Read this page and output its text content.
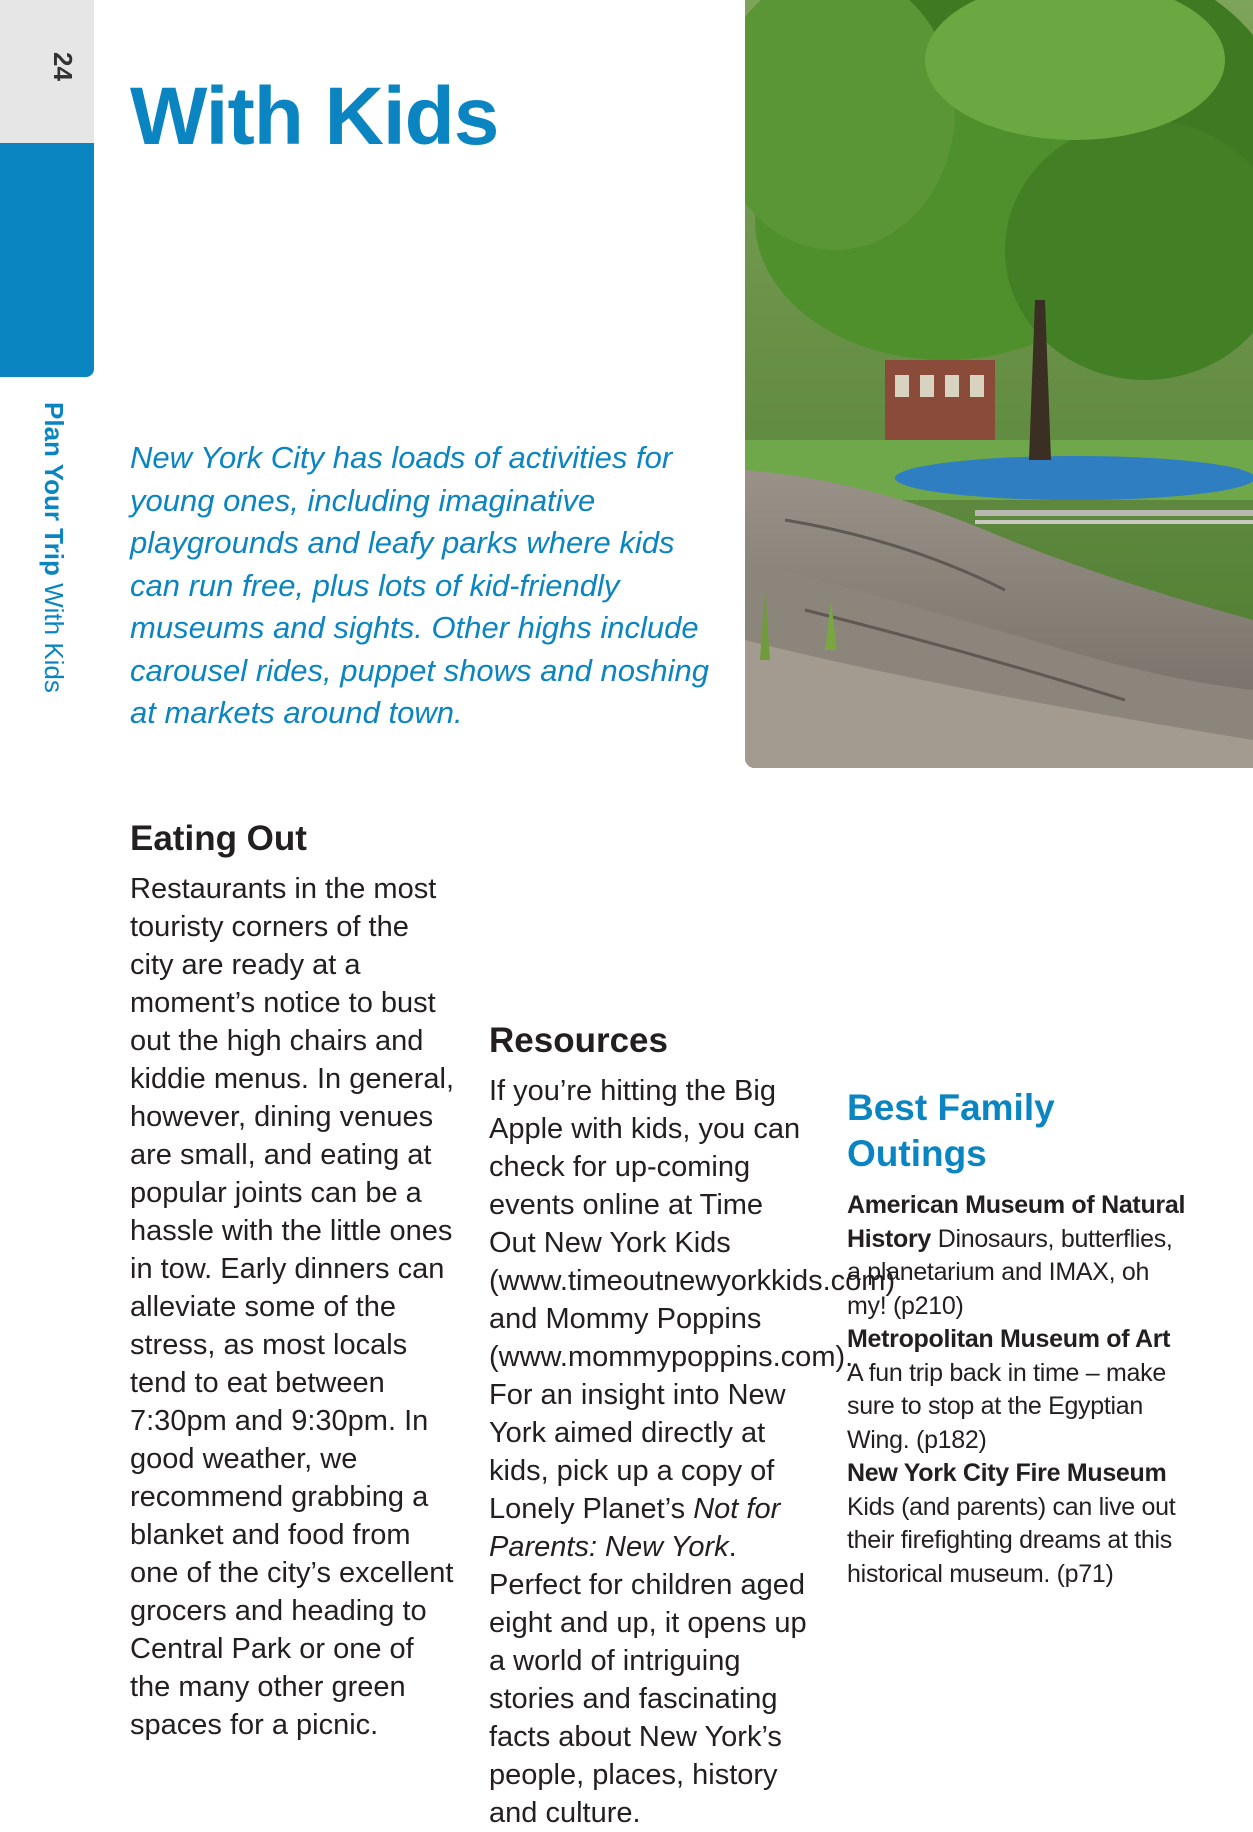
24
Plan Your Trip With Kids
With Kids
New York City has loads of activities for young ones, including imaginative playgrounds and leafy parks where kids can run free, plus lots of kid-friendly museums and sights. Other highs include carousel rides, puppet shows and noshing at markets around town.
Eating Out

Restaurants in the most touristy corners of the city are ready at a moment’s notice to bust out the high chairs and kiddie menus. In general, however, dining venues are small, and eating at popular joints can be a hassle with the little ones in tow. Early dinners can alleviate some of the stress, as most locals tend to eat between 7:30pm and 9:30pm. In good weather, we recommend grabbing a blanket and food from one of the city’s excellent grocers and heading to Central Park or one of the many other green spaces for a picnic.

Resources

If you’re hitting the Big Apple with kids, you can check for up-coming events online at Time Out New York Kids (www.timeoutnewyorkkids.com) and Mommy Poppins (www.mommypoppins.com). For an insight into New York aimed directly at kids, pick up a copy of Lonely Planet’s Not for Parents: New York. Perfect for children aged eight and up, it opens up a world of intriguing stories and fascinating facts about New York’s people, places, history and culture.

Best Family Outings

American Museum of Natural History Dinosaurs, butterflies, a planetarium and IMAX, oh my! (p210)

Metropolitan Museum of Art A fun trip back in time – make sure to stop at the Egyptian Wing. (p182)

New York City Fire Museum Kids (and parents) can live out their firefighting dreams at this historical museum. (p71)
